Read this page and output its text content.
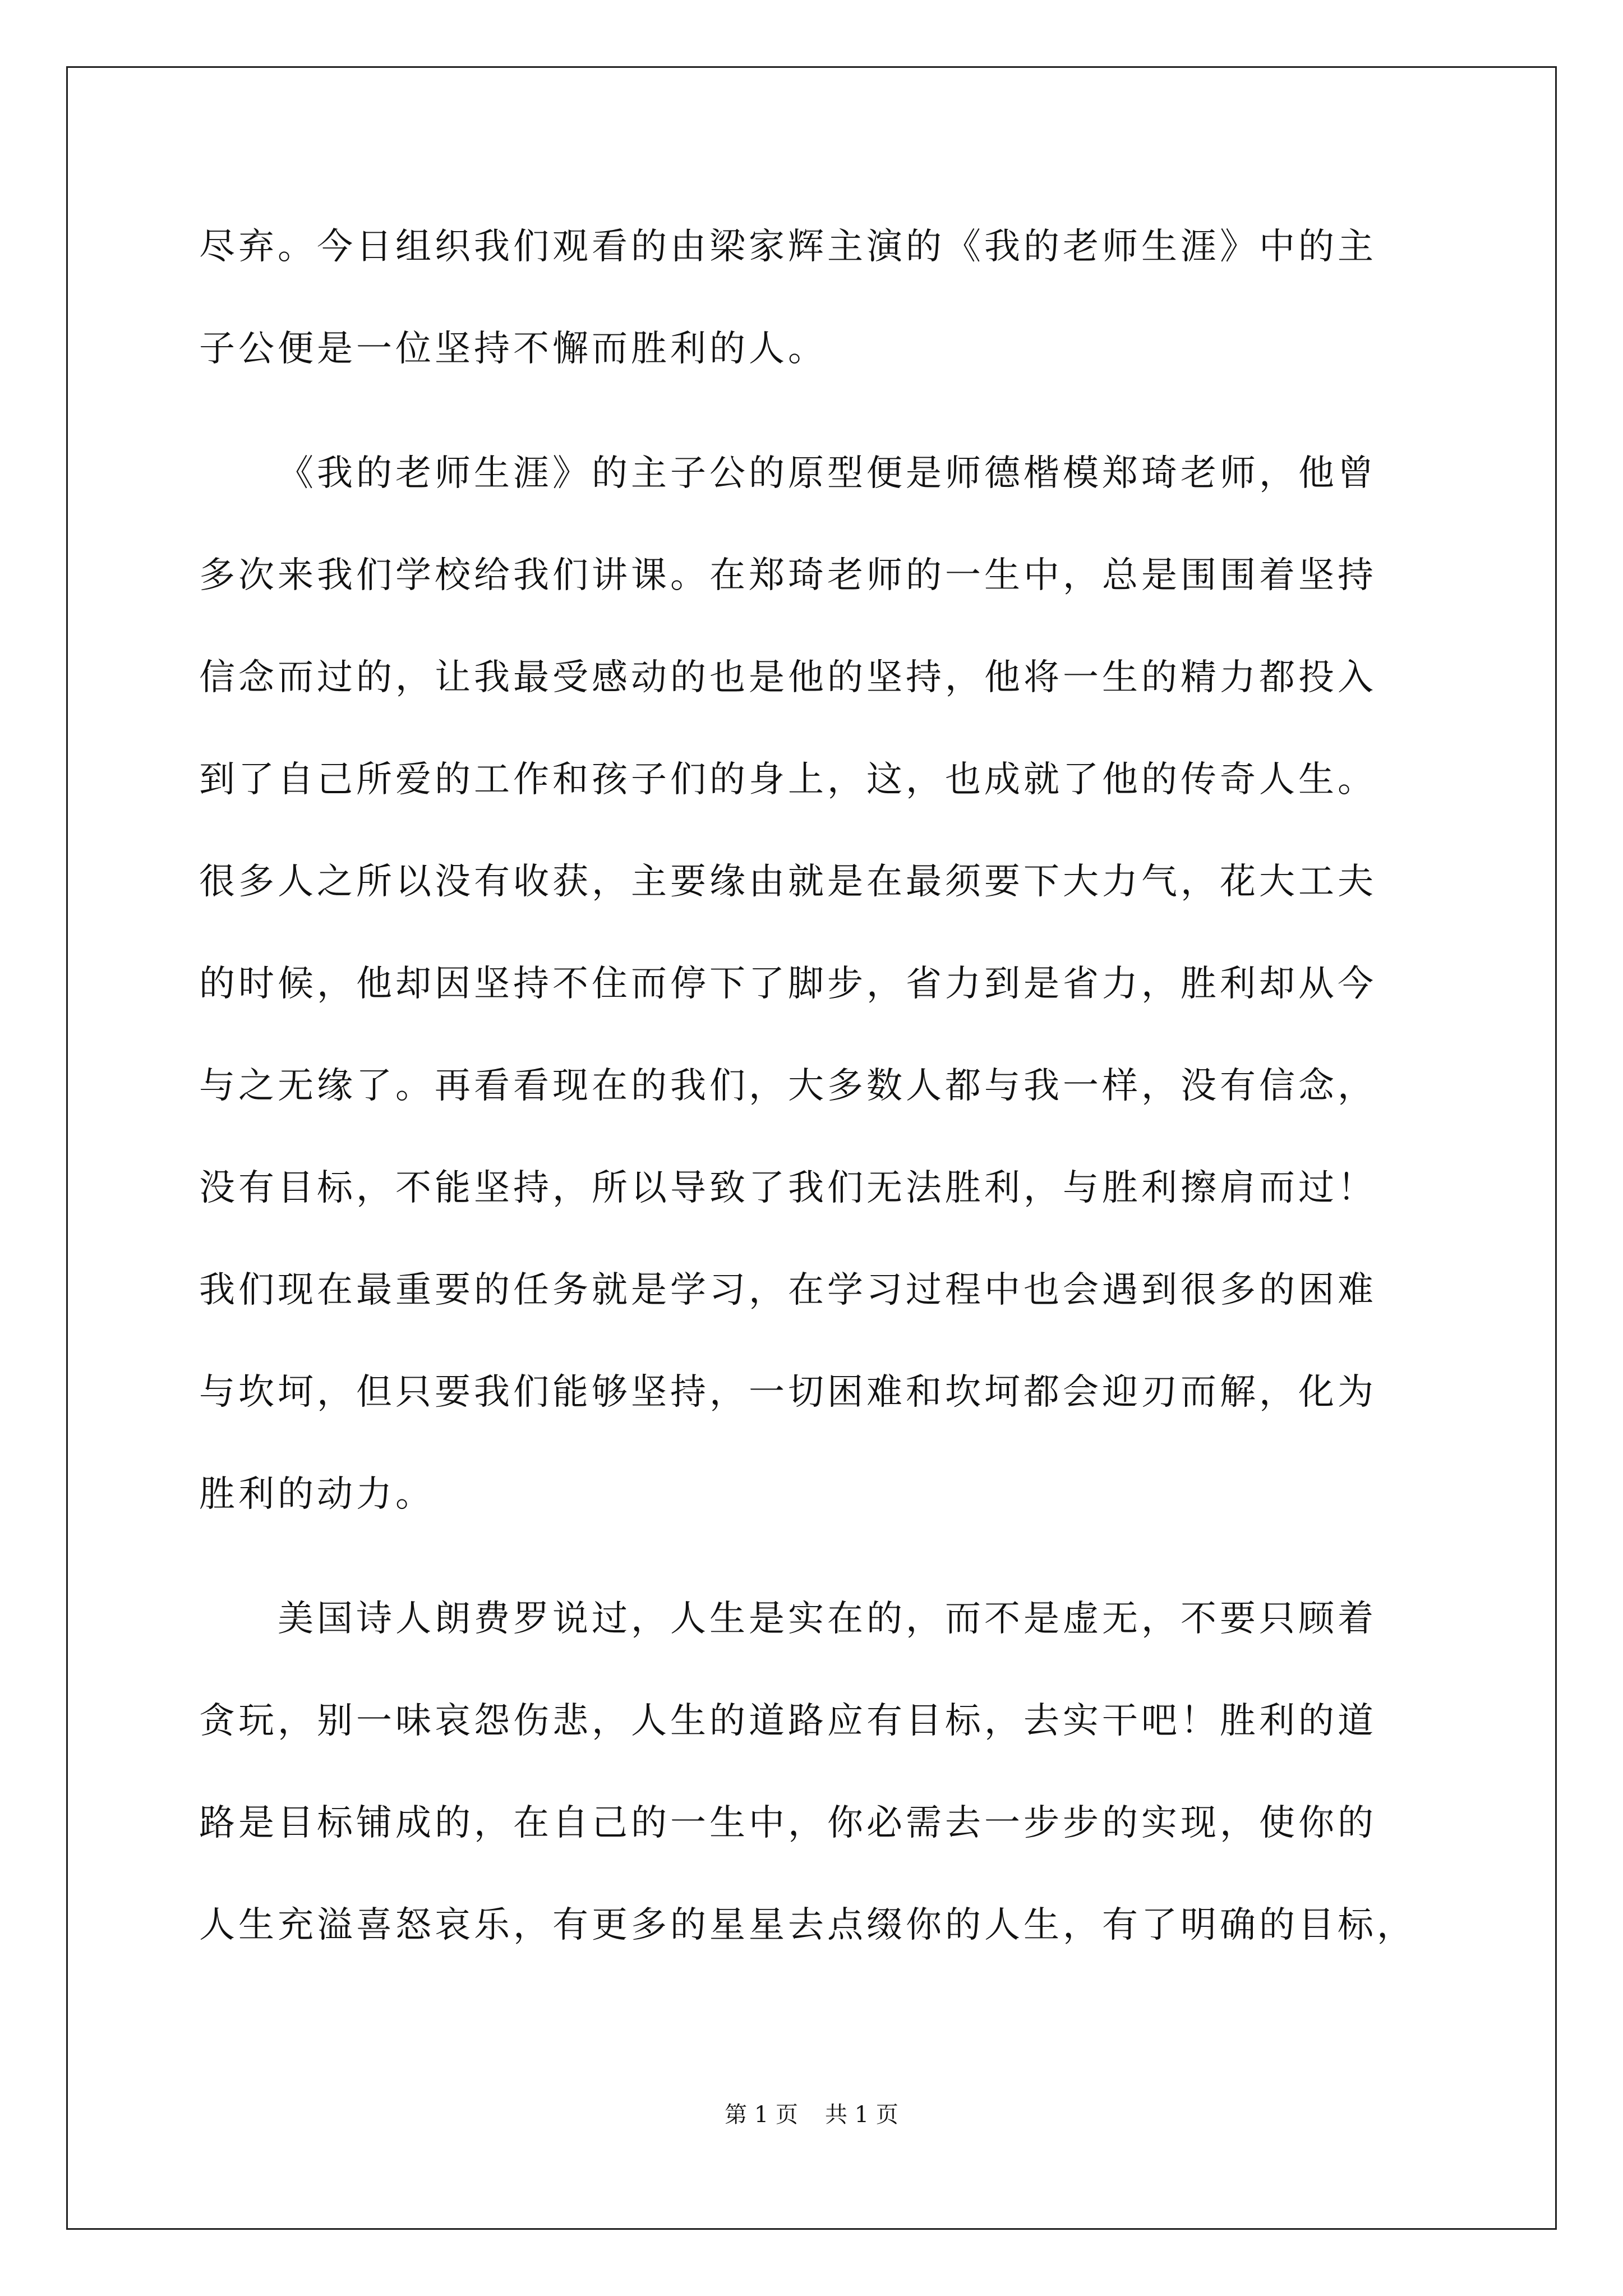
尽弃。今日组织我们观看的由梁家辉主演的《我的老师生涯》中的主
子公便是一位坚持不懈而胜利的人。
《我的老师生涯》的主子公的原型便是师德楷模郑琦老师，他曾
多次来我们学校给我们讲课。在郑琦老师的一生中，总是围围着坚持
信念而过的，让我最受感动的也是他的坚持，他将一生的精力都投入
到了自己所爱的工作和孩子们的身上，这，也成就了他的传奇人生。
很多人之所以没有收获，主要缘由就是在最须要下大力气，花大工夫
的时候，他却因坚持不住而停下了脚步，省力到是省力，胜利却从今
与之无缘了。再看看现在的我们，大多数人都与我一样，没有信念，
没有目标，不能坚持，所以导致了我们无法胜利，与胜利擦肩而过！
我们现在最重要的任务就是学习，在学习过程中也会遇到很多的困难
与坎坷，但只要我们能够坚持，一切困难和坎坷都会迎刃而解，化为
胜利的动力。
美国诗人朗费罗说过，人生是实在的，而不是虚无，不要只顾着
贪玩，别一味哀怨伤悲，人生的道路应有目标，去实干吧！胜利的道
路是目标铺成的，在自己的一生中，你必需去一步步的实现，使你的
人生充溢喜怒哀乐，有更多的星星去点缀你的人生，有了明确的目标，
第 1 页 共 1 页
